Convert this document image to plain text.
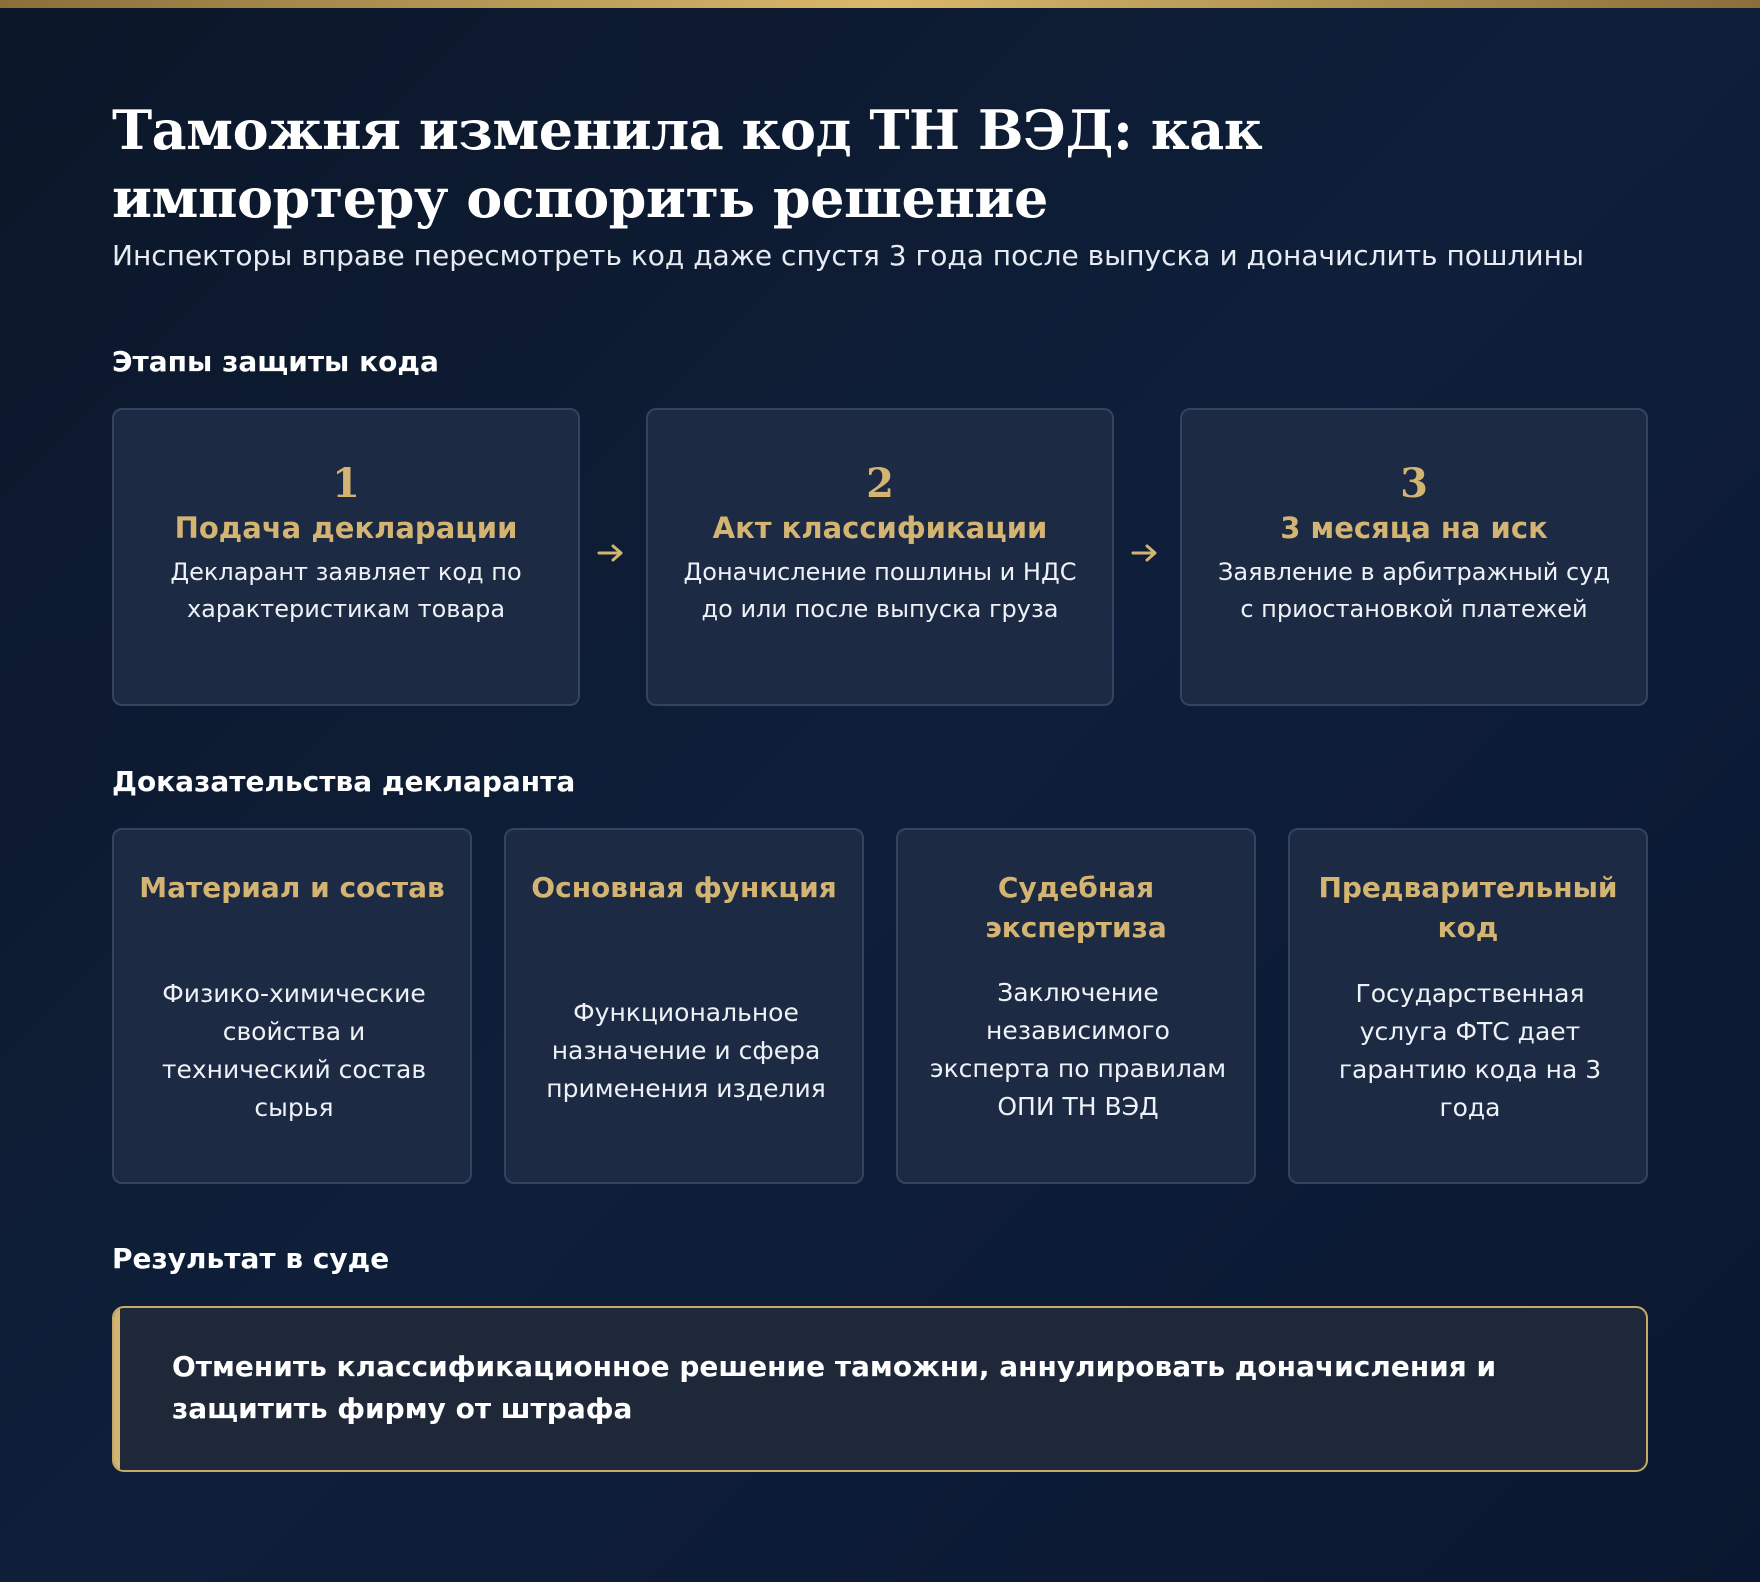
Таможня изменила код ТН ВЭД: как импортеру оспорить решение
Инспекторы вправе пересмотреть код даже спустя 3 года после выпуска и доначислить пошлины
Этапы защиты кода
1
Подача декларации
Декларант заявляет код по характеристикам товара
2
Акт классификации
Доначисление пошлины и НДС до или после выпуска груза
3
3 месяца на иск
Заявление в арбитражный суд с приостановкой платежей
Доказательства декларанта
Материал и состав
Физико-химические свойства и технический состав сырья
Основная функция
Функциональное назначение и сфера применения изделия
Судебная экспертиза
Заключение независимого эксперта по правилам ОПИ ТН ВЭД
Предварительный код
Государственная услуга ФТС дает гарантию кода на 3 года
Результат в суде
Отменить классификационное решение таможни, аннулировать доначисления и защитить фирму от штрафа
